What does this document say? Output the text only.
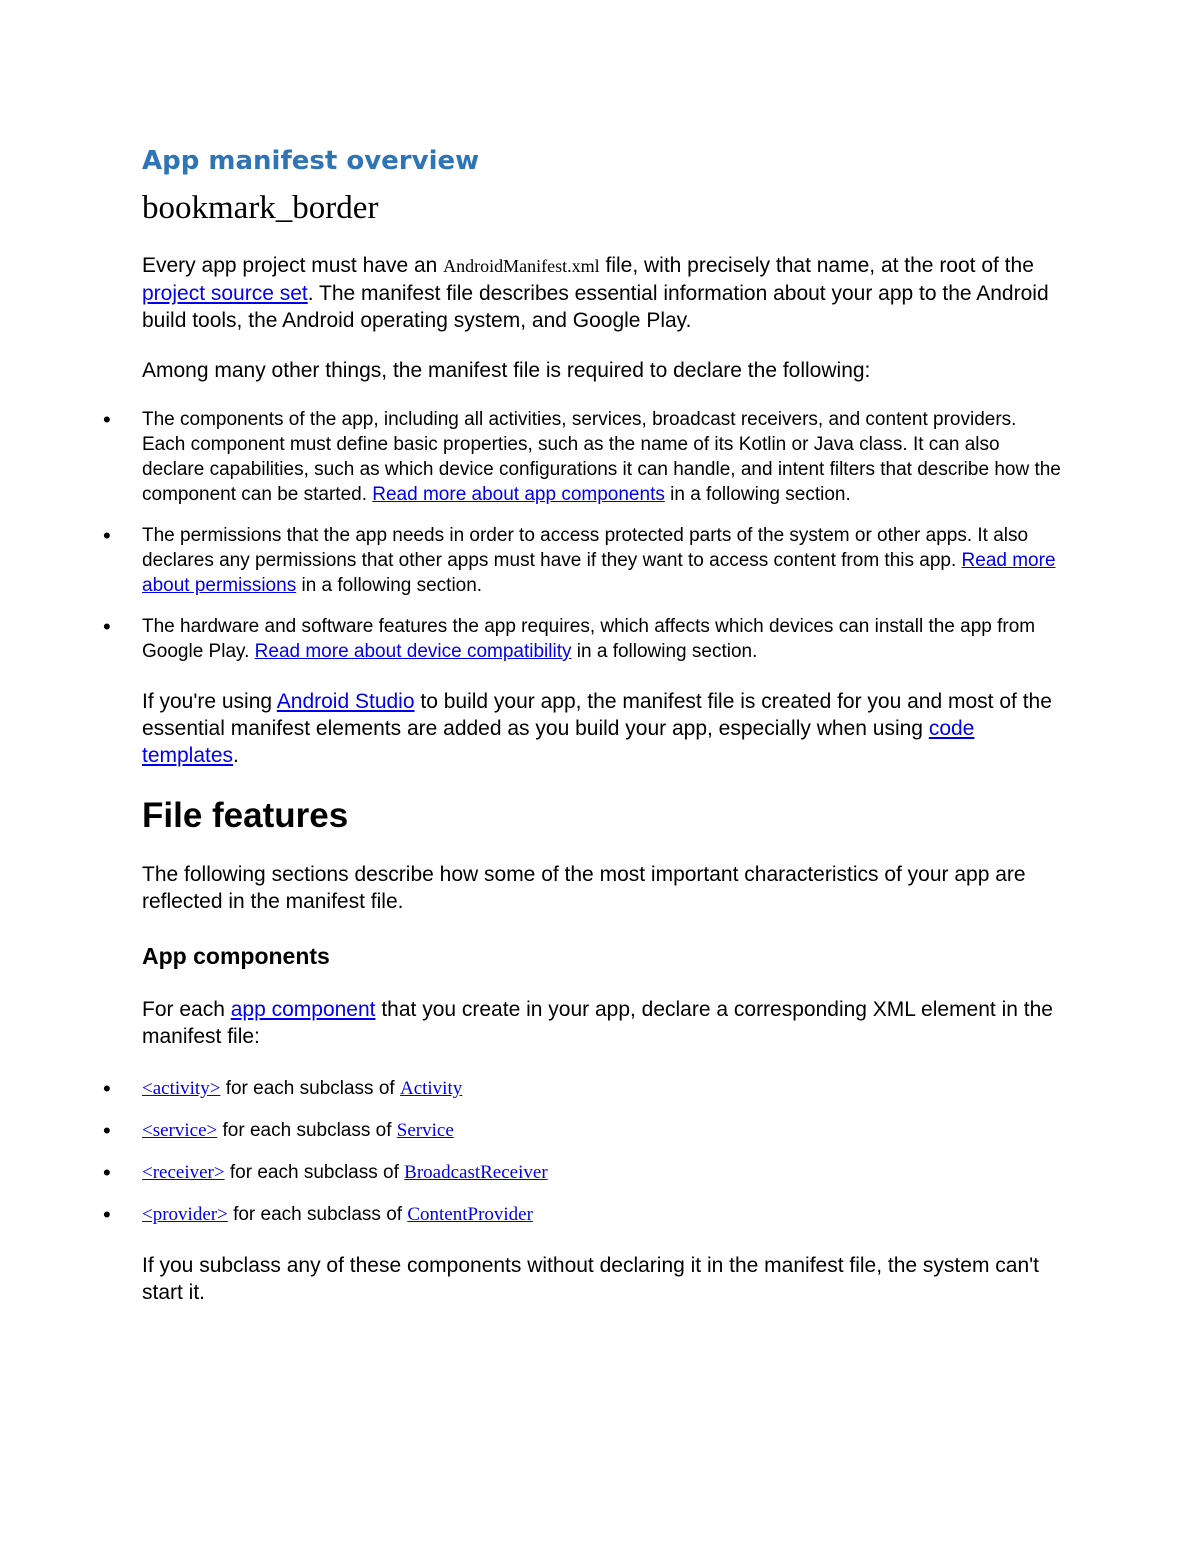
App manifest overview
bookmark_border

Every app project must have an AndroidManifest.xml file, with precisely that name, at the root of the project source set. The manifest file describes essential information about your app to the Android build tools, the Android operating system, and Google Play.

Among many other things, the manifest file is required to declare the following:

• The components of the app, including all activities, services, broadcast receivers, and content providers. Each component must define basic properties, such as the name of its Kotlin or Java class. It can also declare capabilities, such as which device configurations it can handle, and intent filters that describe how the component can be started. Read more about app components in a following section.
• The permissions that the app needs in order to access protected parts of the system or other apps. It also declares any permissions that other apps must have if they want to access content from this app. Read more about permissions in a following section.
• The hardware and software features the app requires, which affects which devices can install the app from Google Play. Read more about device compatibility in a following section.

If you're using Android Studio to build your app, the manifest file is created for you and most of the essential manifest elements are added as you build your app, especially when using code templates.

File features

The following sections describe how some of the most important characteristics of your app are reflected in the manifest file.

App components

For each app component that you create in your app, declare a corresponding XML element in the manifest file:

• <activity> for each subclass of Activity
• <service> for each subclass of Service
• <receiver> for each subclass of BroadcastReceiver
• <provider> for each subclass of ContentProvider

If you subclass any of these components without declaring it in the manifest file, the system can't start it.
